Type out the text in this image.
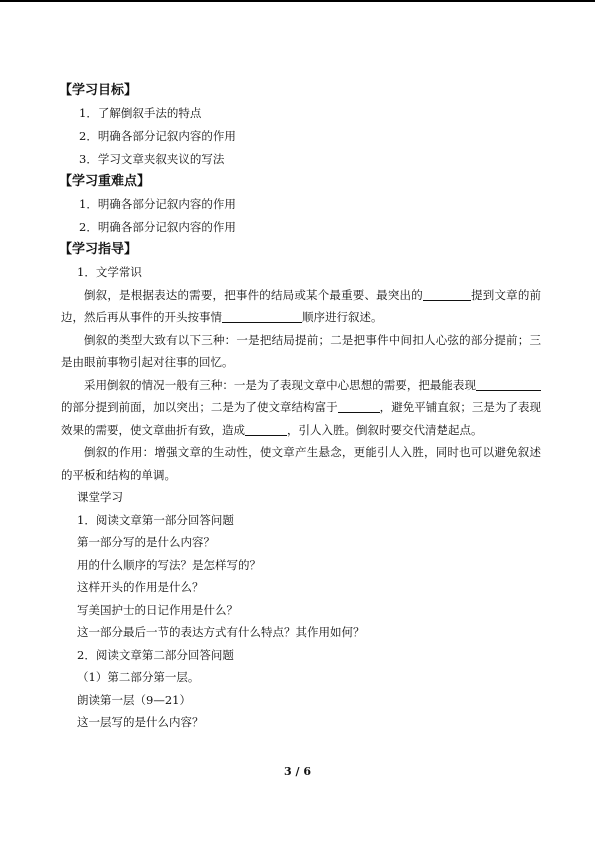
【学习目标】
1．了解倒叙手法的特点
2．明确各部分记叙内容的作用
3．学习文章夹叙夹议的写法
【学习重难点】
1．明确各部分记叙内容的作用
2．明确各部分记叙内容的作用
【学习指导】
1．文学常识
倒叙，是根据表达的需要，把事件的结局或某个最重要、最突出的	提到文章的前边，然后再从事件的开头按事情	顺序进行叙述。
倒叙的类型大致有以下三种：一是把结局提前；二是把事件中间扣人心弦的部分提前；三是由眼前事物引起对往事的回忆。
采用倒叙的情况一般有三种：一是为了表现文章中心思想的需要，把最能表现的部分提到前面，加以突出；二是为了使文章结构富于	，避免平铺直叙；三是为了表现效果的需要，使文章曲折有致，造成	，引人入胜。倒叙时要交代清楚起点。
倒叙的作用：增强文章的生动性，使文章产生悬念，更能引人入胜，同时也可以避免叙述的平板和结构的单调。
课堂学习
1．阅读文章第一部分回答问题
第一部分写的是什么内容？
用的什么顺序的写法？是怎样写的？
这样开头的作用是什么？
写美国护士的日记作用是什么？
这一部分最后一节的表达方式有什么特点？其作用如何？
2．阅读文章第二部分回答问题
（1）第二部分第一层。
朗读第一层（9—21）
这一层写的是什么内容？
3 / 6
